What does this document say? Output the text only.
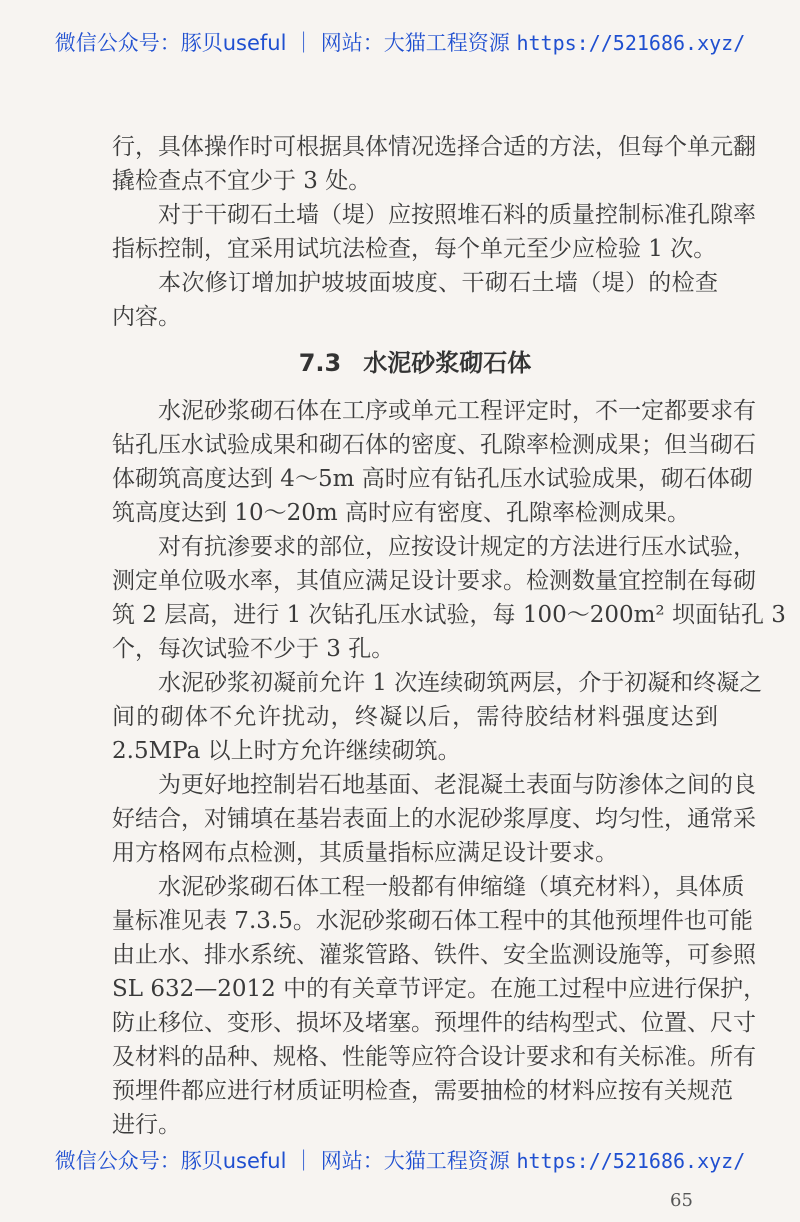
微信公众号：豚贝useful ｜ 网站：大猫工程资源 https://521686.xyz/
行，具体操作时可根据具体情况选择合适的方法，但每个单元翻
撬检查点不宜少于 3 处。
对于干砌石土墙（堤）应按照堆石料的质量控制标准孔隙率
指标控制，宜采用试坑法检查，每个单元至少应检验 1 次。
本次修订增加护坡坡面坡度、干砌石土墙（堤）的检查
内容。
7.3 水泥砂浆砌石体
水泥砂浆砌石体在工序或单元工程评定时，不一定都要求有
钻孔压水试验成果和砌石体的密度、孔隙率检测成果；但当砌石
体砌筑高度达到 4～5m 高时应有钻孔压水试验成果，砌石体砌
筑高度达到 10～20m 高时应有密度、孔隙率检测成果。
对有抗渗要求的部位，应按设计规定的方法进行压水试验，
测定单位吸水率，其值应满足设计要求。检测数量宜控制在每砌
筑 2 层高，进行 1 次钻孔压水试验，每 100～200m² 坝面钻孔 3
个，每次试验不少于 3 孔。
水泥砂浆初凝前允许 1 次连续砌筑两层，介于初凝和终凝之
间的砌体不允许扰动，终凝以后，需待胶结材料强度达到
2.5MPa 以上时方允许继续砌筑。
为更好地控制岩石地基面、老混凝土表面与防渗体之间的良
好结合，对铺填在基岩表面上的水泥砂浆厚度、均匀性，通常采
用方格网布点检测，其质量指标应满足设计要求。
水泥砂浆砌石体工程一般都有伸缩缝（填充材料），具体质
量标准见表 7.3.5。水泥砂浆砌石体工程中的其他预埋件也可能
由止水、排水系统、灌浆管路、铁件、安全监测设施等，可参照
SL 632—2012 中的有关章节评定。在施工过程中应进行保护，
防止移位、变形、损坏及堵塞。预埋件的结构型式、位置、尺寸
及材料的品种、规格、性能等应符合设计要求和有关标准。所有
预埋件都应进行材质证明检查，需要抽检的材料应按有关规范
进行。
微信公众号：豚贝useful ｜ 网站：大猫工程资源 https://521686.xyz/
65
